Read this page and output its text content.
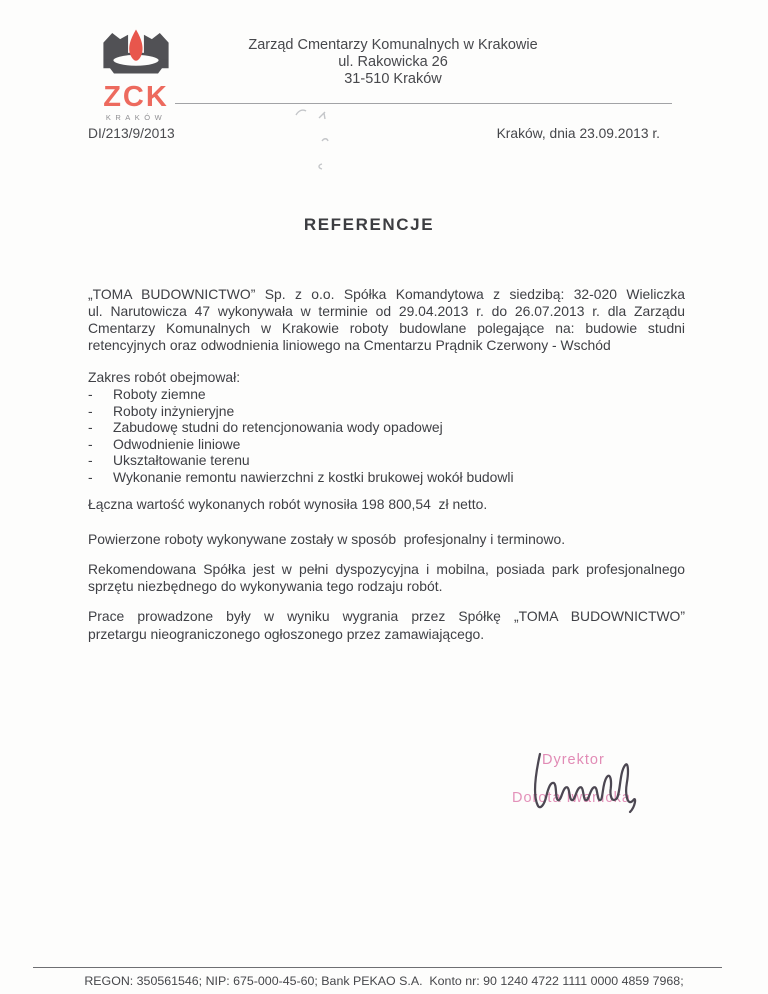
ZCK
KRAKÓW
Zarząd Cmentarzy Komunalnych w Krakowie
ul. Rakowicka 26
31-510 Kraków
DI/213/9/2013	Kraków, dnia 23.09.2013 r.
REFERENCJE
„TOMA BUDOWNICTWO” Sp. z o.o. Spółka Komandytowa z siedzibą: 32-020 Wieliczka
ul. Narutowicza 47 wykonywała w terminie od 29.04.2013 r. do 26.07.2013 r. dla Zarządu
Cmentarzy Komunalnych w Krakowie roboty budowlane polegające na: budowie studni
retencyjnych oraz odwodnienia liniowego na Cmentarzu Prądnik Czerwony - Wschód
Zakres robót obejmował:
-	Roboty ziemne
-	Roboty inżynieryjne
-	Zabudowę studni do retencjonowania wody opadowej
-	Odwodnienie liniowe
-	Ukształtowanie terenu
-	Wykonanie remontu nawierzchni z kostki brukowej wokół budowli
Łączna wartość wykonanych robót wynosiła 198 800,54  zł netto.
Powierzone roboty wykonywane zostały w sposób  profesjonalny i terminowo.
Rekomendowana Spółka jest w pełni dyspozycyjna i mobilna, posiada park profesjonalnego
sprzętu niezbędnego do wykonywania tego rodzaju robót.
Prace prowadzone były w wyniku wygrania przez Spółkę „TOMA BUDOWNICTWO”
przetargu nieograniczonego ogłoszonego przez zamawiającego.
Dyrektor
Dorota Iwanicka
REGON: 350561546; NIP: 675-000-45-60; Bank PEKAO S.A.  Konto nr: 90 1240 4722 1111 0000 4859 7968;
